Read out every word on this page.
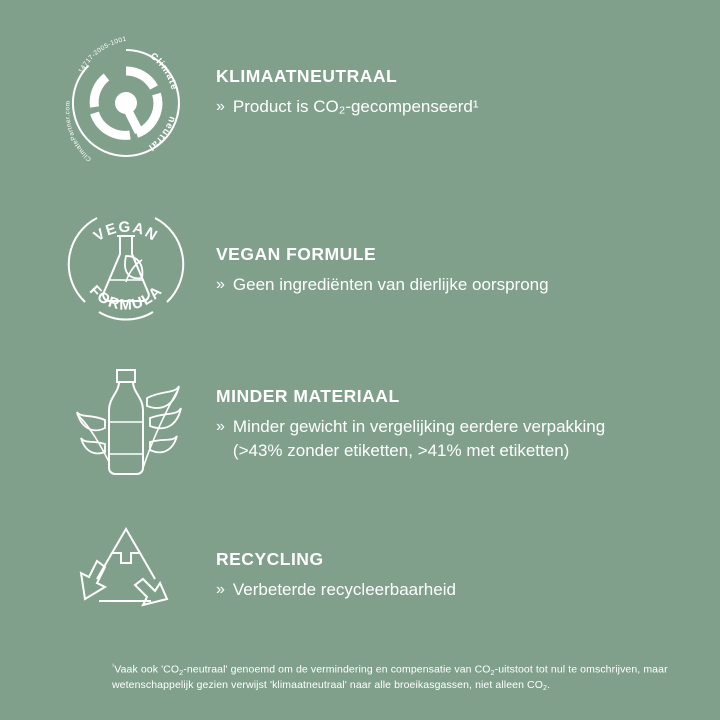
Climate
neutral
ClimatePartner.com
14717-2005-1001
KLIMAATNEUTRAAL
» Product is CO₂-gecompenseerd¹
VEGAN
FORMULA
VEGAN FORMULE
» Geen ingrediënten van dierlijke oorsprong
MINDER MATERIAAL
» Minder gewicht in vergelijking eerdere verpakking (>43% zonder etiketten, >41% met etiketten)
RECYCLING
» Verbeterde recycleerbaarheid
$^{^1}$Vaak ook '$CO_2-neutraal$' genoemd om de vermindering en compensatie van $CO_2$-uitstoot tot nul te omschrijven, maar wetenschappelijk gezien verwijst 'klimaatneutraal' naar alle broeikasgassen, niet alleen $CO_2$.
